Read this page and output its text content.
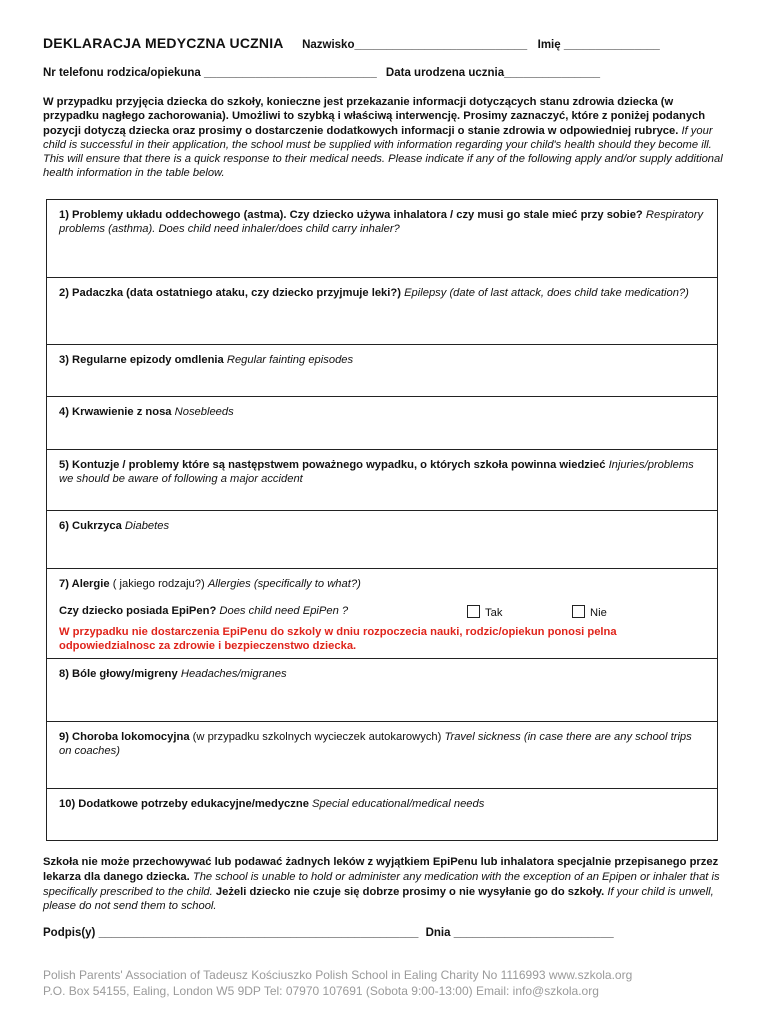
DEKLARACJA MEDYCZNA UCZNIA Nazwisko___________________________ Imię _______________
Nr telefonu rodzica/opiekuna ___________________________ Data urodzena ucznia_______________
W przypadku przyjęcia dziecka do szkoły, konieczne jest przekazanie informacji dotyczących stanu zdrowia dziecka (w przypadku nagłego zachorowania). Umożliwi to szybką i właściwą interwencję. Prosimy zaznaczyć, które z poniżej podanych pozycji dotyczą dziecka oraz prosimy o dostarczenie dodatkowych informacji o stanie zdrowia w odpowiedniej rubryce. If your child is successful in their application, the school must be supplied with information regarding your child's health should they become ill. This will ensure that there is a quick response to their medical needs. Please indicate if any of the following apply and/or supply additional health information in the table below.
1) Problemy układu oddechowego (astma). Czy dziecko używa inhalatora / czy musi go stale mieć przy sobie? Respiratory problems (asthma). Does child need inhaler/does child carry inhaler?
2) Padaczka (data ostatniego ataku, czy dziecko przyjmuje leki?) Epilepsy (date of last attack, does child take medication?)
3) Regularne epizody omdlenia Regular fainting episodes
4) Krwawienie z nosa Nosebleeds
5) Kontuzje / problemy które są następstwem poważnego wypadku, o których szkoła powinna wiedzieć Injuries/problems we should be aware of following a major accident
6) Cukrzyca Diabetes
7) Alergie ( jakiego rodzaju?) Allergies (specifically to what?)
Czy dziecko posiada EpiPen? Does child need EpiPen ?	Tak	Nie
W przypadku nie dostarczenia EpiPenu do szkoly w dniu rozpoczecia nauki, rodzic/opiekun ponosi pelna odpowiedzialnosc za zdrowie i bezpieczenstwo dziecka.
8) Bóle głowy/migreny Headaches/migranes
9) Choroba lokomocyjna (w przypadku szkolnych wycieczek autokarowych) Travel sickness (in case there are any school trips on coaches)
10) Dodatkowe potrzeby edukacyjne/medyczne Special educational/medical needs
Szkoła nie może przechowywać lub podawać żadnych leków z wyjątkiem EpiPenu lub inhalatora specjalnie przepisanego przez lekarza dla danego dziecka. The school is unable to hold or administer any medication with the exception of an Epipen or inhaler that is specifically prescribed to the child. Jeżeli dziecko nie czuje się dobrze prosimy o nie wysyłanie go do szkoły. If your child is unwell, please do not send them to school.
Podpis(y) __________________________________________________ Dnia _________________________
Polish Parents' Association of Tadeusz Kościuszko Polish School in Ealing Charity No 1116993 www.szkola.org
P.O. Box 54155, Ealing, London W5 9DP Tel: 07970 107691 (Sobota 9:00-13:00) Email: info@szkola.org
